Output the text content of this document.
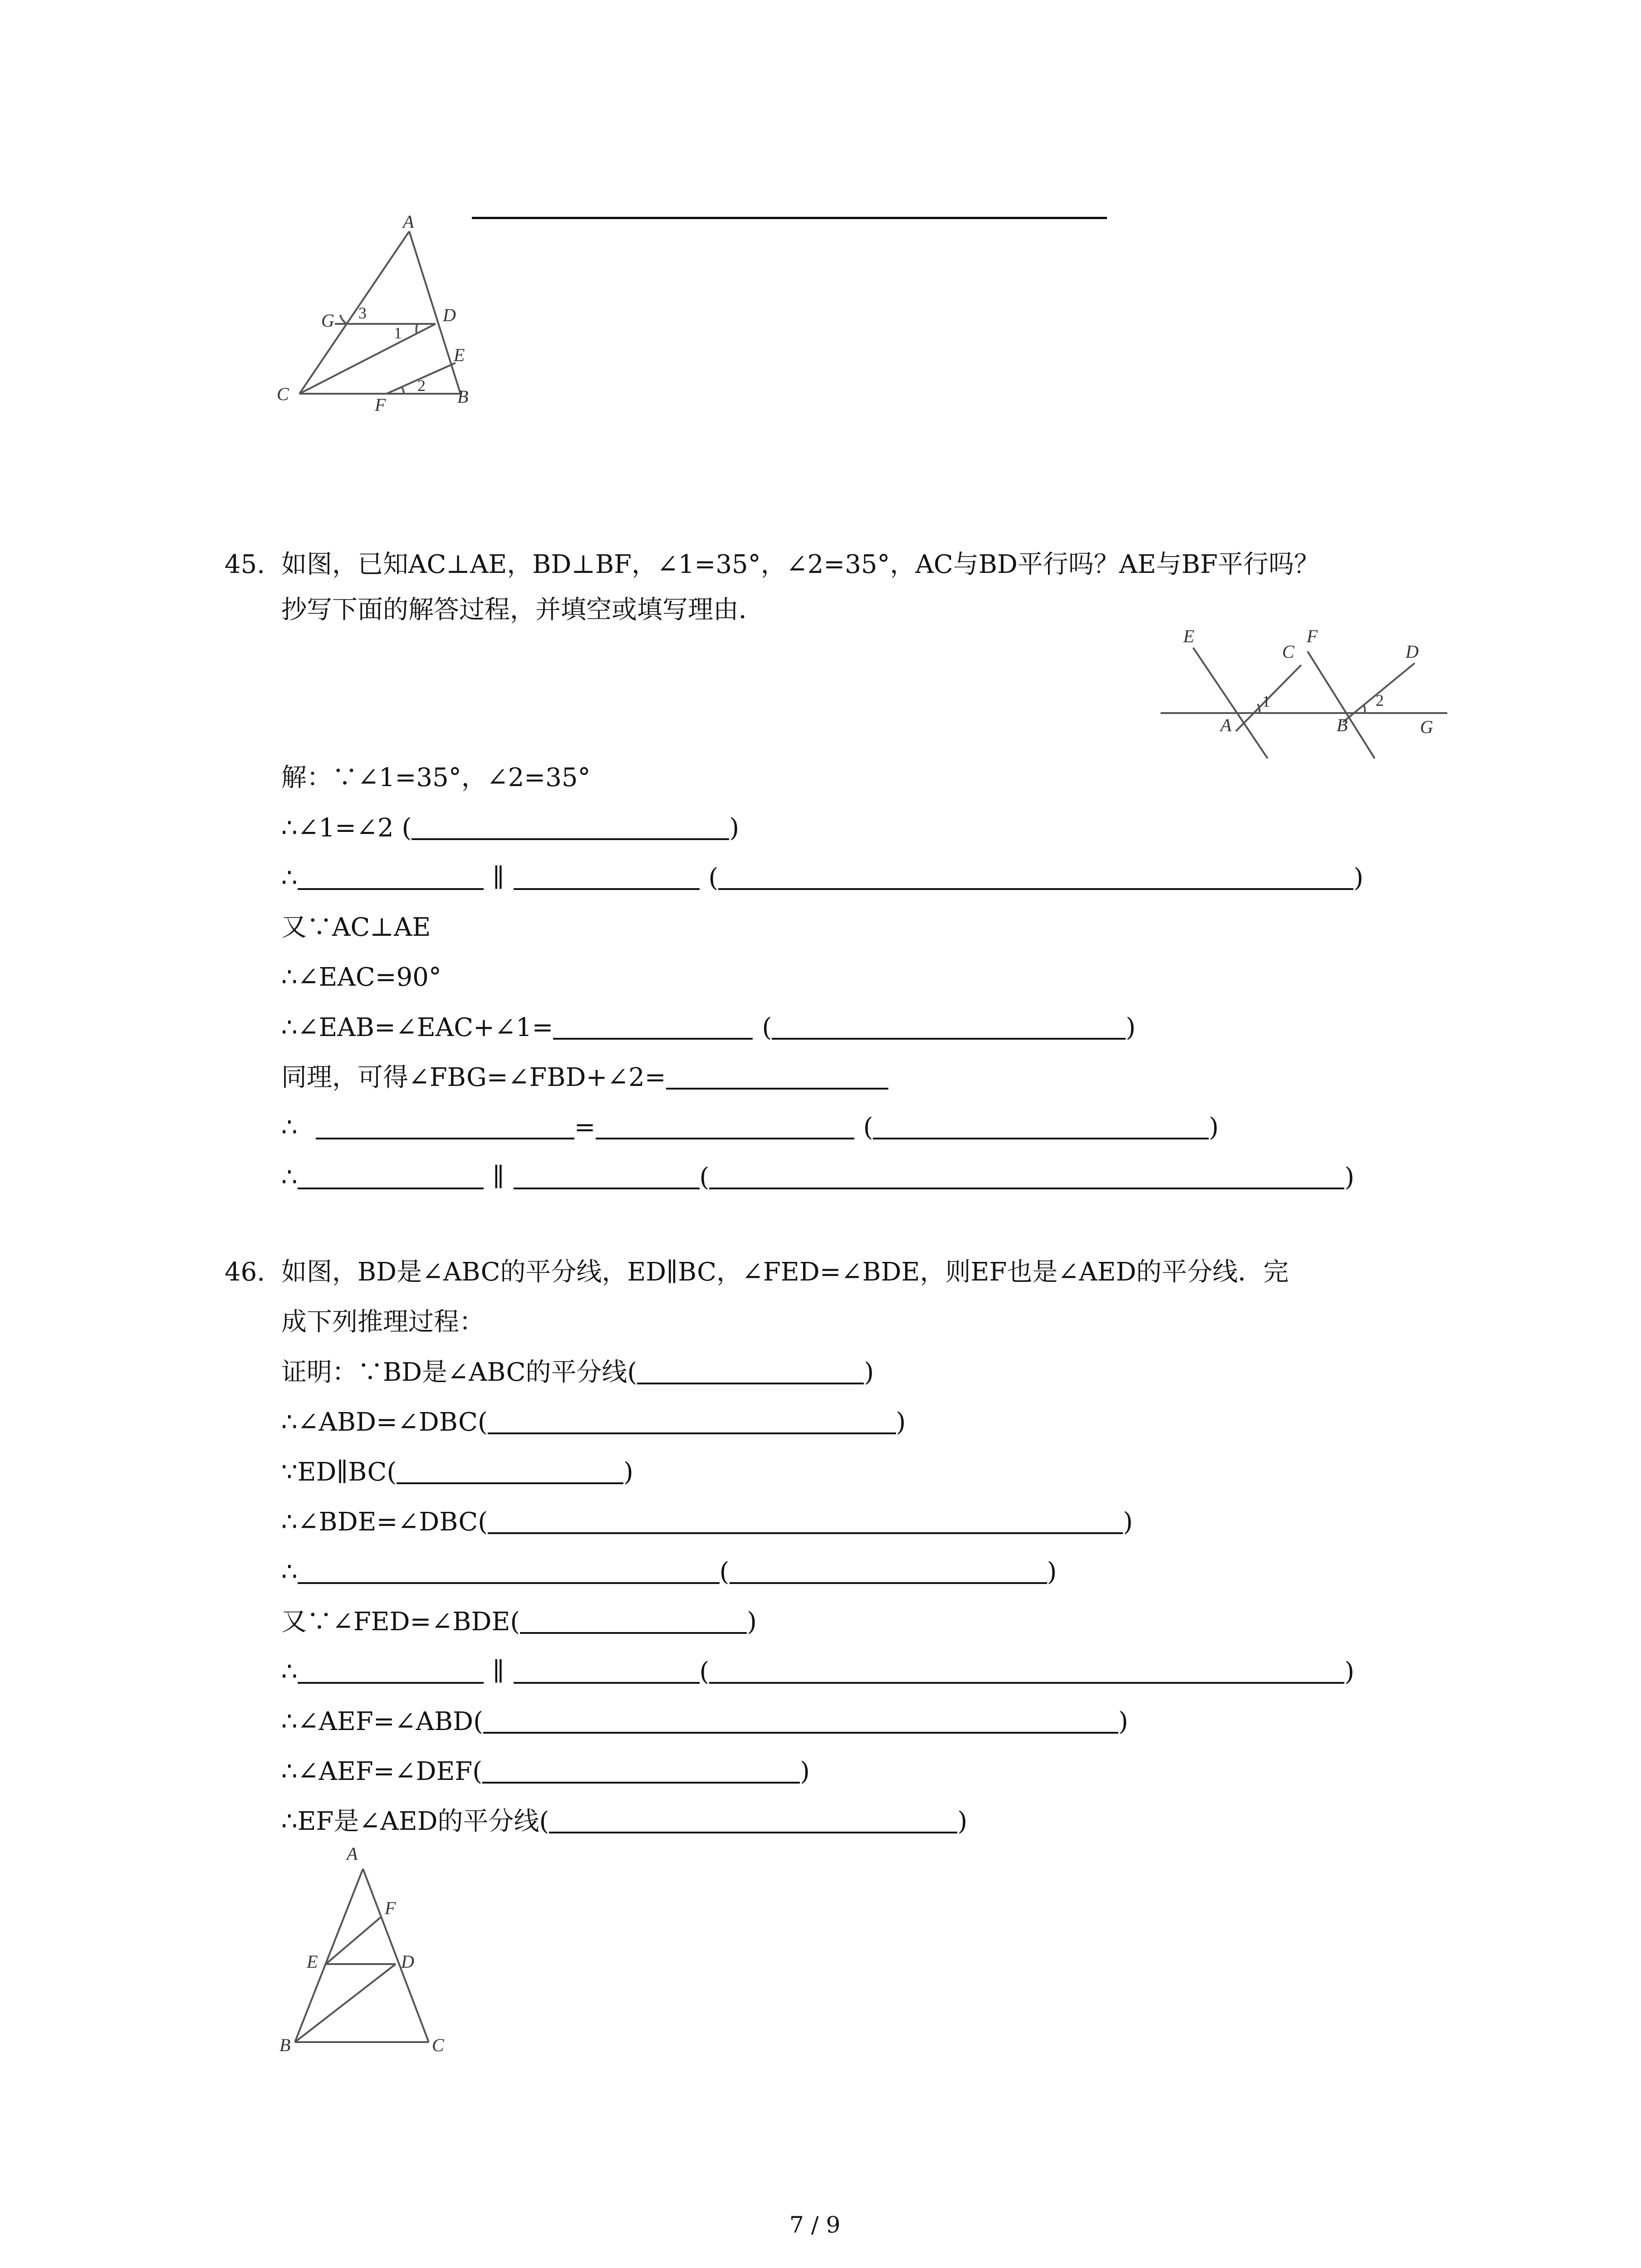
A
G 3	D
1
E
C
F
2
B
45. 如图，已知AC⊥AE，BD⊥BF，∠1=35°，∠2=35°，AC与BD平行吗？AE与BF平行吗？
抄写下面的解答过程，并填空或填写理由．
E
C
F
D
1	2
A	B	G
解：∵∠1=35°，∠2=35°
∴∠1=∠2 (	)
∴	∥	(	)
又∵AC⊥AE
∴∠EAC=90°
∴∠EAB=∠EAC+∠1=	(	)
同理，可得∠FBG=∠FBD+∠2=
∴	=	(	)
∴	∥	(	)
46. 如图，BD是∠ABC的平分线，ED∥BC，∠FED=∠BDE，则EF也是∠AED的平分线．完
成下列推理过程：
证明：∵BD是∠ABC的平分线(	)
∴∠ABD=∠DBC(	)
∵ED∥BC(	)
∴∠BDE=∠DBC(	)
∴	(	)
又∵∠FED=∠BDE(	)
∴	∥	(	)
∴∠AEF=∠ABD(	)
∴∠AEF=∠DEF(	)
∴EF是∠AED的平分线(	)
A
F
E	D
B	C
7 / 9
